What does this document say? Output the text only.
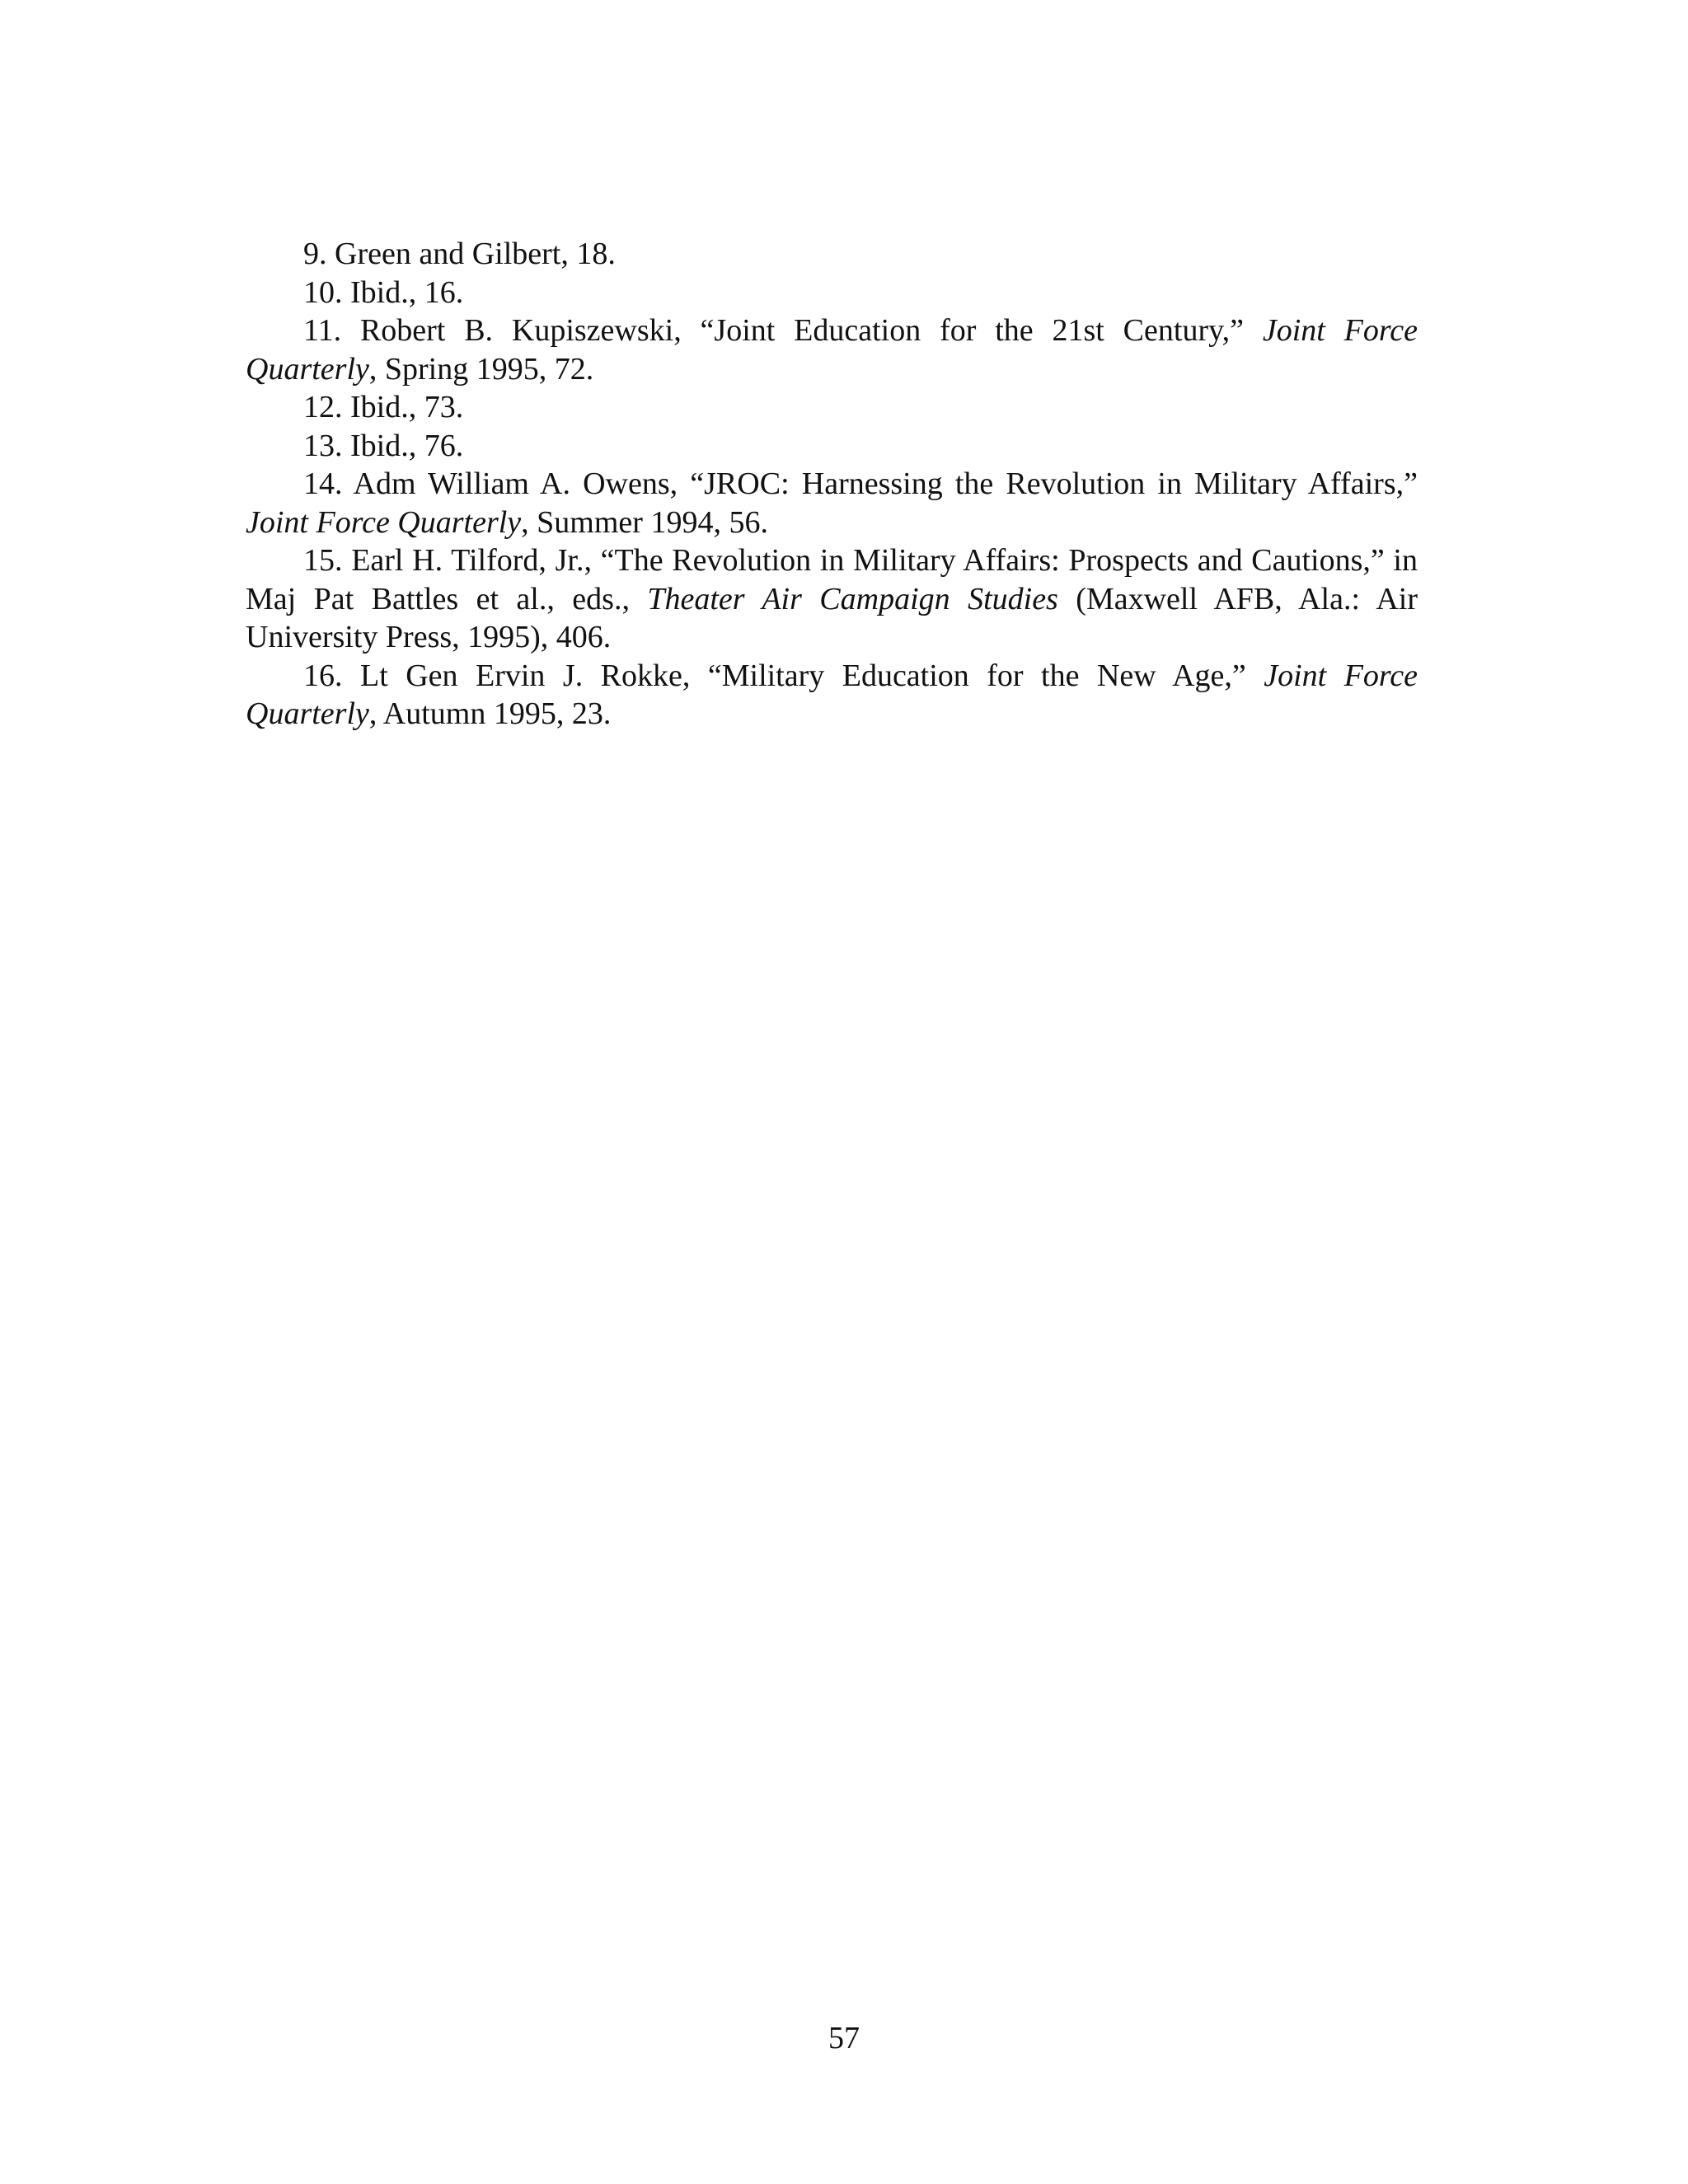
9. Green and Gilbert, 18.

10. Ibid., 16.

11. Robert B. Kupiszewski, “Joint Education for the 21st Century,” Joint Force Quarterly, Spring 1995, 72.

12. Ibid., 73.

13. Ibid., 76.

14. Adm William A. Owens, “JROC: Harnessing the Revolution in Military Affairs,” Joint Force Quarterly, Summer 1994, 56.

15. Earl H. Tilford, Jr., “The Revolution in Military Affairs: Prospects and Cautions,” in Maj Pat Battles et al., eds., Theater Air Campaign Studies (Maxwell AFB, Ala.: Air University Press, 1995), 406.

16. Lt Gen Ervin J. Rokke, “Military Education for the New Age,” Joint Force Quarterly, Autumn 1995, 23.

57
